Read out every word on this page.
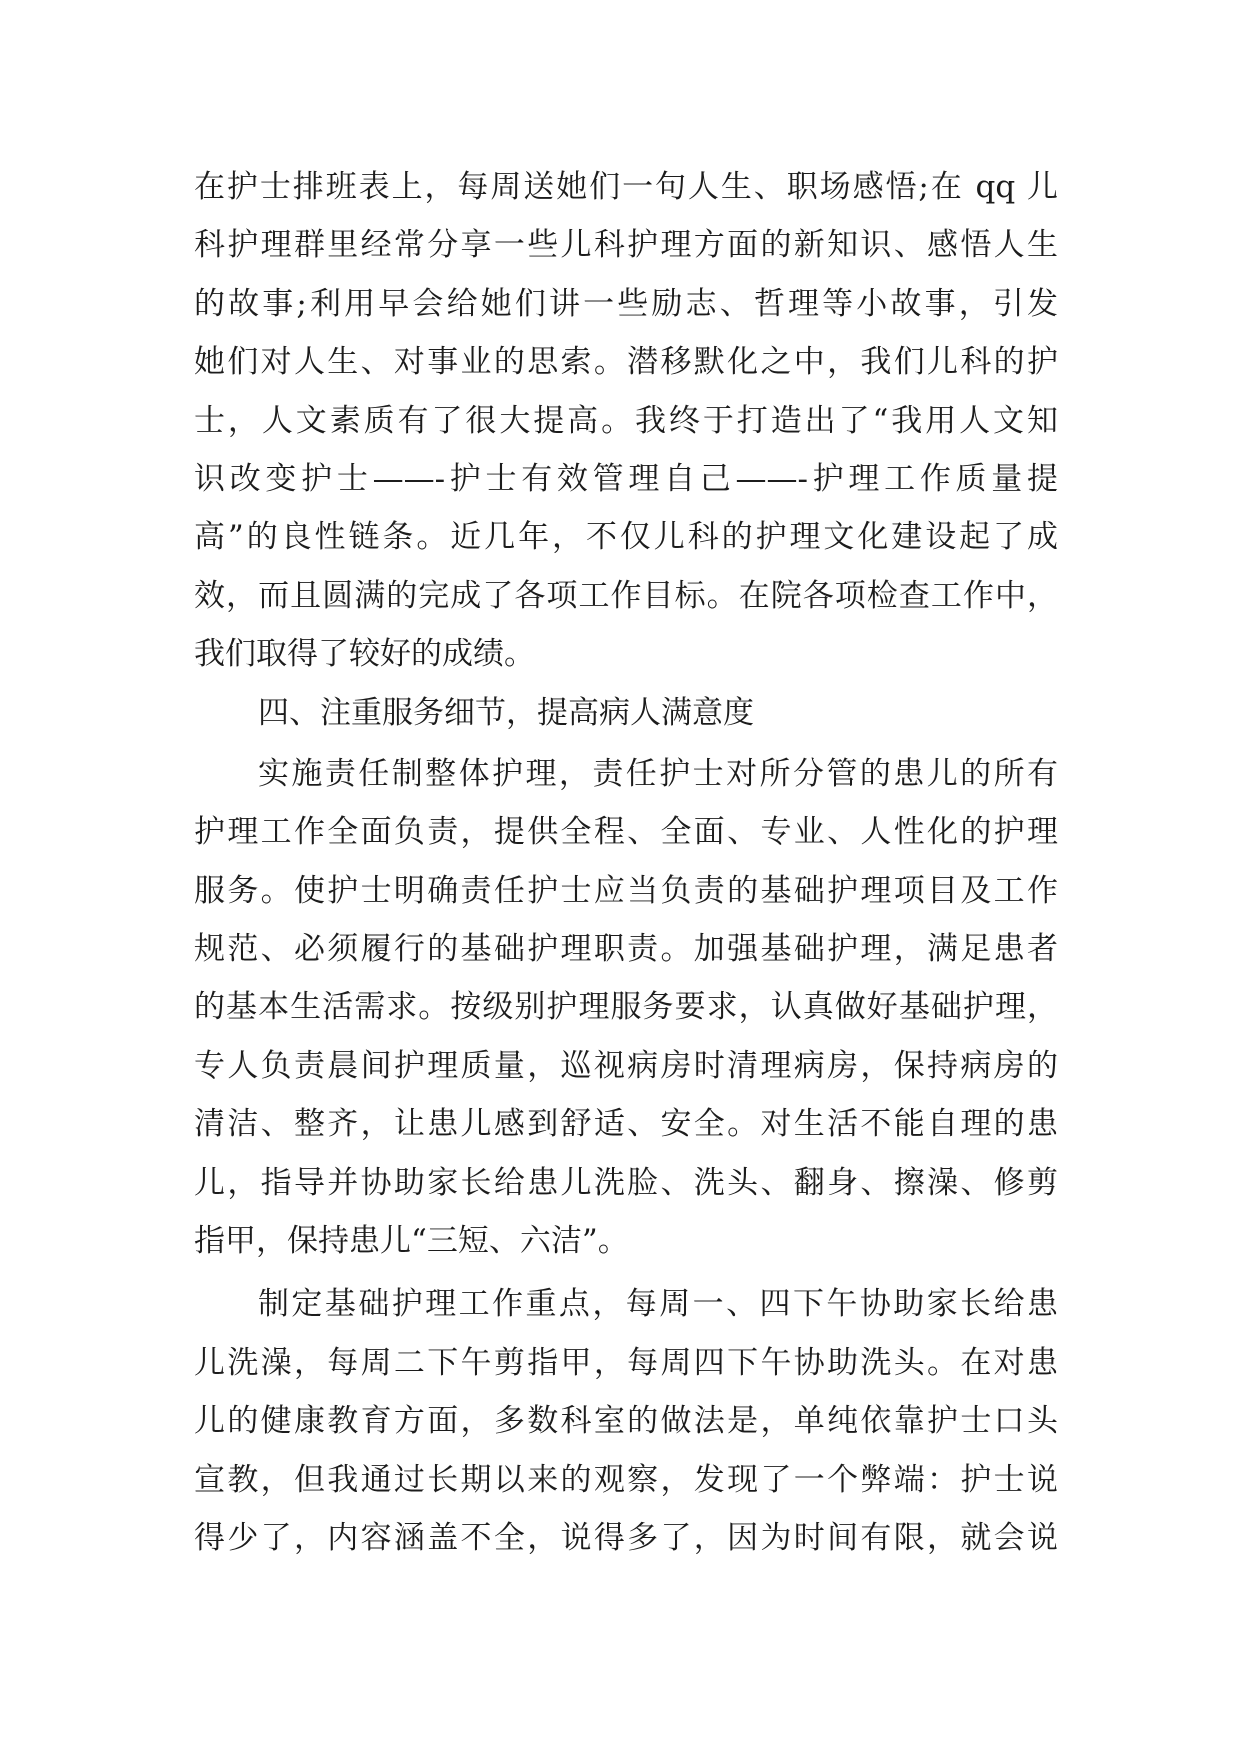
在护士排班表上，每周送她们一句人生、职场感悟;在 qq 儿
科护理群里经常分享一些儿科护理方面的新知识、感悟人生
的故事;利用早会给她们讲一些励志、哲理等小故事，引发
她们对人生、对事业的思索。潜移默化之中，我们儿科的护
士，人文素质有了很大提高。我终于打造出了“我用人文知
识改变护士——-护士有效管理自己——-护理工作质量提
高”的良性链条。近几年，不仅儿科的护理文化建设起了成
效，而且圆满的完成了各项工作目标。在院各项检查工作中，
我们取得了较好的成绩。
四、注重服务细节，提高病人满意度
实施责任制整体护理，责任护士对所分管的患儿的所有
护理工作全面负责，提供全程、全面、专业、人性化的护理
服务。使护士明确责任护士应当负责的基础护理项目及工作
规范、必须履行的基础护理职责。加强基础护理，满足患者
的基本生活需求。按级别护理服务要求，认真做好基础护理，
专人负责晨间护理质量，巡视病房时清理病房，保持病房的
清洁、整齐，让患儿感到舒适、安全。对生活不能自理的患
儿，指导并协助家长给患儿洗脸、洗头、翻身、擦澡、修剪
指甲，保持患儿“三短、六洁”。
制定基础护理工作重点，每周一、四下午协助家长给患
儿洗澡，每周二下午剪指甲，每周四下午协助洗头。在对患
儿的健康教育方面，多数科室的做法是，单纯依靠护士口头
宣教，但我通过长期以来的观察，发现了一个弊端：护士说
得少了，内容涵盖不全，说得多了，因为时间有限，就会说
